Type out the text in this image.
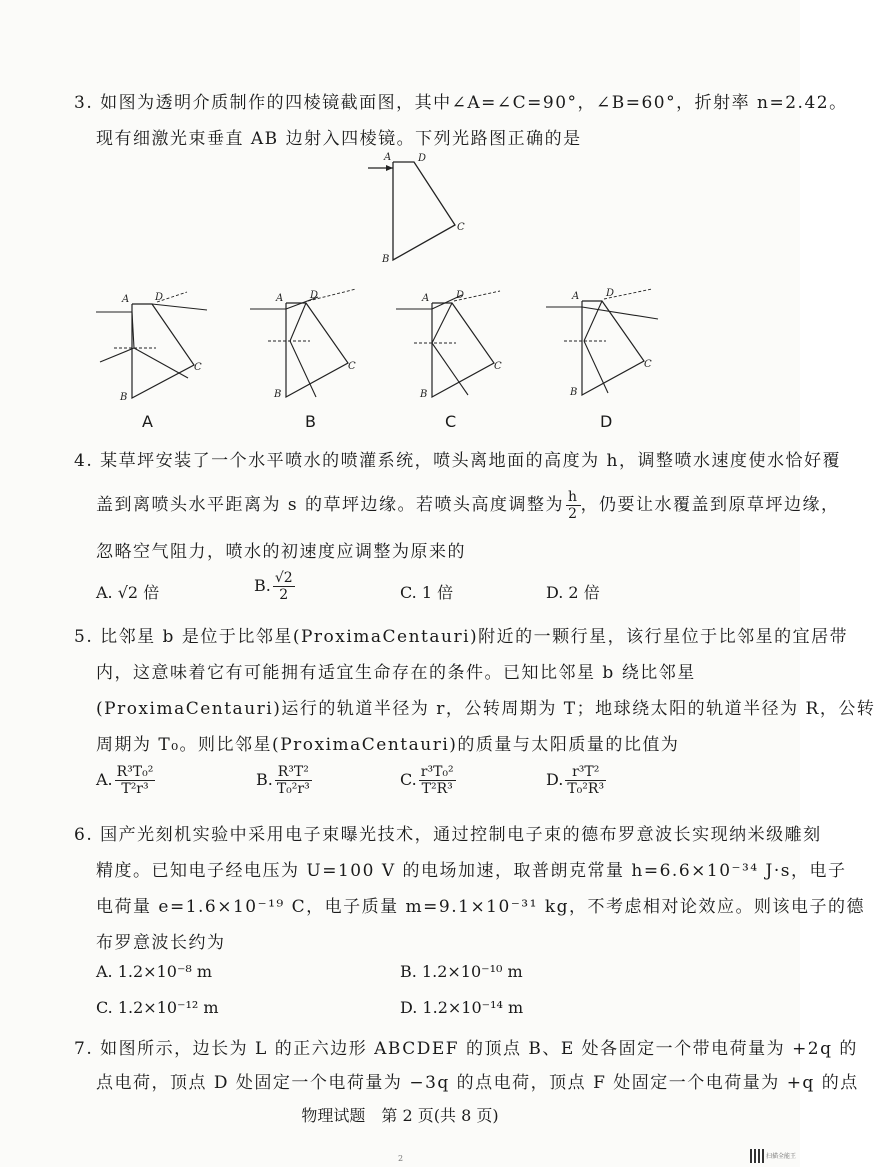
3. 如图为透明介质制作的四棱镜截面图，其中∠A=∠C=90°，∠B=60°，折射率 n=2.42。
现有细激光束垂直 AB 边射入四棱镜。下列光路图正确的是
A	D
C
B
A	D
C
B
A
A	D
C
B
B
A	D
C
B
C
A	D
C
B
D
4. 某草坪安装了一个水平喷水的喷灌系统，喷头离地面的高度为 h，调整喷水速度使水恰好覆
盖到离喷头水平距离为 s 的草坪边缘。若喷头高度调整为 $\frac{h}{2}$ ，仍要让水覆盖到原草坪边缘，
忽略空气阻力，喷水的初速度应调整为原来的
A. √2 倍	B. $\frac{√2}{2}$	C. 1 倍	D. 2 倍
5. 比邻星 b 是位于比邻星(ProximaCentauri)附近的一颗行星，该行星位于比邻星的宜居带
内，这意味着它有可能拥有适宜生命存在的条件。已知比邻星 b 绕比邻星
(ProximaCentauri)运行的轨道半径为 r，公转周期为 T；地球绕太阳的轨道半径为 R，公转
周期为 T₀。则比邻星(ProximaCentauri)的质量与太阳质量的比值为
A. $\frac{\text{R³T₀²}}{\text{T²r³}}$	B. $\frac{\text{R³T²}}{\text{T₀²r³}}$	C. $\frac{\text{r³T₀²}}{\text{T²R³}}$	D. $\frac{\text{r³T²}}{\text{T₀²R³}}$
6. 国产光刻机实验中采用电子束曝光技术，通过控制电子束的德布罗意波长实现纳米级雕刻
精度。已知电子经电压为 U=100 V 的电场加速，取普朗克常量 h=6.6×10⁻³⁴ J·s，电子
电荷量 e=1.6×10⁻¹⁹ C，电子质量 m=9.1×10⁻³¹ kg，不考虑相对论效应。则该电子的德
布罗意波长约为
A. 1.2×10⁻⁸ m	B. 1.2×10⁻¹⁰ m
C. 1.2×10⁻¹² m	D. 1.2×10⁻¹⁴ m
7. 如图所示，边长为 L 的正六边形 ABCDEF 的顶点 B、E 处各固定一个带电荷量为 +2q 的
点电荷，顶点 D 处固定一个电荷量为 −3q 的点电荷，顶点 F 处固定一个电荷量为 +q 的点
物理试题　第 2 页(共 8 页)
2	扫描全能王
